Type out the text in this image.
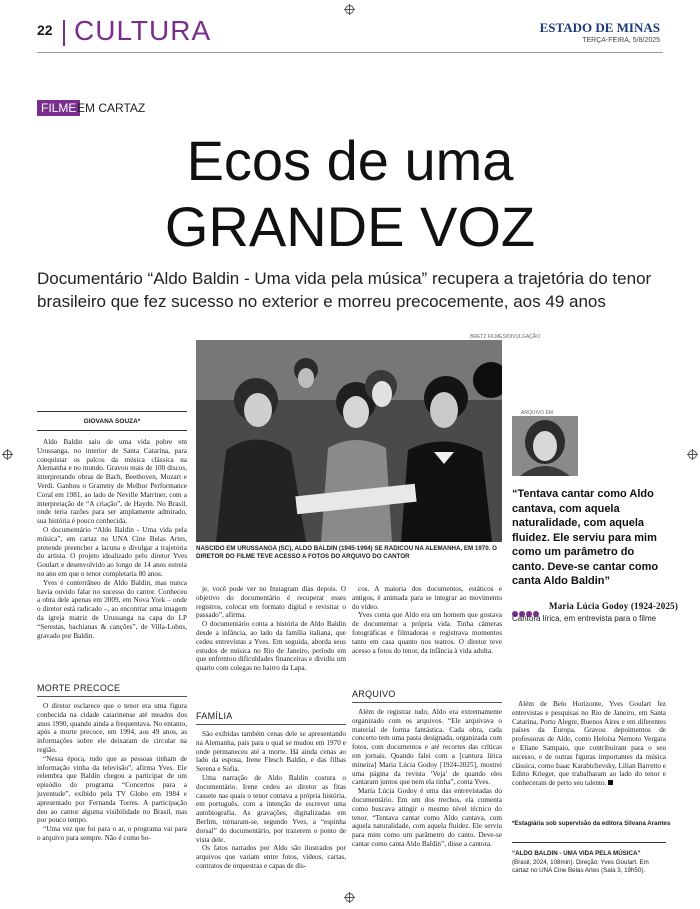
22 CULTURA	ESTADO DE MINAS
TERÇA-FEIRA, 5/8/2025
FILME EM CARTAZ
Ecos de uma
GRANDE VOZ
Documentário “Aldo Baldin - Uma vida pela música” recupera a trajetória do tenor brasileiro que fez sucesso no exterior e morreu precocemente, aos 49 anos
BRETZ FILMES/DIVULGAÇÃO
NASCIDO EM URUSSANGA (SC), ALDO BALDIN (1945-1994) SE RADICOU NA ALEMANHA, EM 1970. O DIRETOR DO FILME TEVE ACESSO A FOTOS DO ARQUIVO DO CANTOR
ARQUIVO EM
“Tentava cantar como Aldo cantava, com aquela naturalidade, com aquela fluidez. Ele serviu para mim como um parâmetro do canto. Deve-se cantar como canta Aldo Baldin”
Maria Lúcia Godoy (1924-2025)
Cantora lírica, em entrevista para o filme
GIOVANA SOUZA*

Aldo Baldin saiu de uma vida pobre em Urussanga, no interior de Santa Catarina, para conquistar os palcos da música clássica na Alemanha e no mundo. Gravou mais de 100 discos, interpretando obras de Bach, Beethoven, Mozart e Verdi. Ganhou o Grammy de Melhor Performance Coral em 1981, ao lado de Neville Marriner, com a interpretação de “A criação”, de Haydn. No Brasil, onde teria razões para ser amplamente admirado, sua história é pouco conhecida.

O documentário “Aldo Baldin - Uma vida pela música”, em cartaz no UNA Cine Belas Artes, pretende preencher a lacuna e divulgar a trajetória do artista. O projeto idealizado pelo diretor Yves Goulart e desenvolvido ao longo de 14 anos estreia no ano em que o tenor completaria 80 anos.

Yves é conterrâneo de Aldo Baldin, mas nunca havia ouvido falar no sucesso do cantor. Conheceu a obra dele apenas em 2009, em Nova York – onde o diretor está radicado –, ao encontrar uma imagem da igreja matriz de Urussanga na capa do LP “Serestas, bachianas & canções”, de Villa-Lobos, gravado por Baldin.

je, você pode ver no Instagram dias depois. O objetivo do documentário é recuperar esses registros, colocar em formato digital e revisitar o passado”, afirma.

O documentário conta a história de Aldo Baldin desde a infância, ao lado da família italiana, que cedeu entrevistas a Yves. Em seguida, aborda seus estudos de música no Rio de Janeiro, período em que enfrentou dificuldades financeiras e dividiu um quarto com colegas no bairro da Lapa.

cos. A maioria dos documentos, estáticos e antigos, é animada para se integrar ao movimento do vídeo.

Yves conta que Aldo era um homem que gostava de documentar a própria vida. Tinha câmeras fotográficas e filmadoras e registrava momentos tanto em casa quanto nos teatros. O diretor teve acesso a fotos do tenor, da infância à vida adulta.

MORTE PRECOCE
FAMÍLIA
ARQUIVO

O diretor esclarece que o tenor era uma figura conhecida na cidade catarinense até meados dos anos 1990, quando ainda a frequentava. No entanto, após a morte precoce, em 1994, aos 49 anos, as informações sobre ele deixaram de circular na região.

“Nessa época, tudo que as pessoas tinham de informação vinha da televisão”, afirma Yves. Ele relembra que Baldin chegou a participar de um episódio do programa “Concertos para a juventude”, exibido pela TV Globo em 1984 e apresentado por Fernanda Torres. A participação deu ao cantor alguma visibilidade no Brasil, mas por pouco tempo.

“Uma vez que foi para o ar, o programa vai para o arquivo para sempre. Não é como ho-

São exibidas também cenas dele se apresentando na Alemanha, país para o qual se mudou em 1970 e onde permaneceu até a morte. Há ainda cenas ao lado da esposa, Irene Flesch Baldin, e das filhas Serena e Sofia.

Uma narração de Aldo Baldin costura o documentário. Irene cedeu ao diretor as fitas cassete nas quais o tenor contava a própria história, em português, com a intenção de escrever uma autobiografia. As gravações, digitalizadas em Berlim, tornaram-se, segundo Yves, a “espinha dorsal” do documentário, por trazerem o ponto de vista dele.

Os fatos narrados por Aldo são ilustrados por arquivos que variam entre fotos, vídeos, cartas, contratos de orquestras e capas de dis-

Além de registrar tudo, Aldo era extremamente organizado com os arquivos. “Ele arquivava o material de forma fantástica. Cada obra, cada concerto tem uma pasta designada, organizada com fotos, com documentos e até recortes das críticas em jornais. Quando falei com a [cantora lírica mineira] Maria Lúcia Godoy [1924-2025], mostrei uma página da revista ‘Veja’ de quando eles cantaram juntos que nem ela tinha”, conta Yves.

Maria Lúcia Godoy é uma das entrevistadas do documentário. Em um dos trechos, ela comenta como buscava atingir o mesmo nível técnico do tenor. “Tentava cantar como Aldo cantava, com aquela naturalidade, com aquela fluidez. Ele serviu para mim como um parâmetro do canto. Deve-se cantar como canta Aldo Baldin”, disse a cantora.

Além de Belo Horizonte, Yves Goulart fez entrevistas e pesquisas no Rio de Janeiro, em Santa Catarina, Porto Alegre, Buenos Aires e em diferentes países da Europa. Gravou depoimentos de professoras de Aldo, como Heloísa Nemoto Vergara e Eliane Sampaio, que contribuíram para o seu sucesso, e de outras figuras importantes da música clássica, como Isaac Karabtchevsky, Lilian Barretto e Edino Krieger, que trabalharam ao lado do tenor e conheceram de perto seu talento.

*Estagiária sob supervisão da editora Silvana Arantes
“ALDO BALDIN - UMA VIDA PELA MÚSICA”
(Brasil, 2024, 108min). Direção: Yves Goulart. Em cartaz no UNA Cine Belas Artes (Sala 3, 19h50).
